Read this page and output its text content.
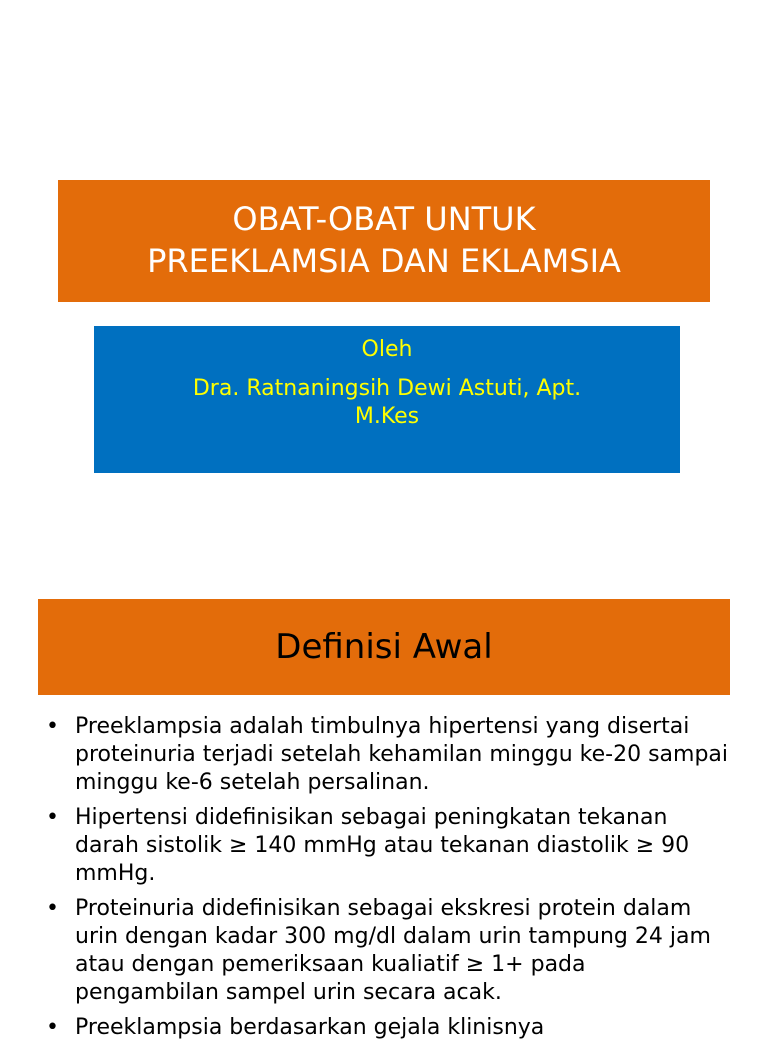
OBAT-OBAT UNTUK
PREEKLAMSIA DAN EKLAMSIA
Oleh
Dra. Ratnaningsih Dewi Astuti, Apt.
M.Kes
Definisi Awal
• Preeklampsia adalah timbulnya hipertensi yang disertai proteinuria terjadi setelah kehamilan minggu ke-20 sampai minggu ke-6 setelah persalinan.
• Hipertensi didefinisikan sebagai peningkatan tekanan darah sistolik ≥ 140 mmHg atau tekanan diastolik ≥ 90 mmHg.
• Proteinuria didefinisikan sebagai ekskresi protein dalam urin dengan kadar 300 mg/dl dalam urin tampung 24 jam atau dengan pemeriksaan kualiatif ≥ 1+ pada pengambilan sampel urin secara acak.
• Preeklampsia berdasarkan gejala klinisnya
